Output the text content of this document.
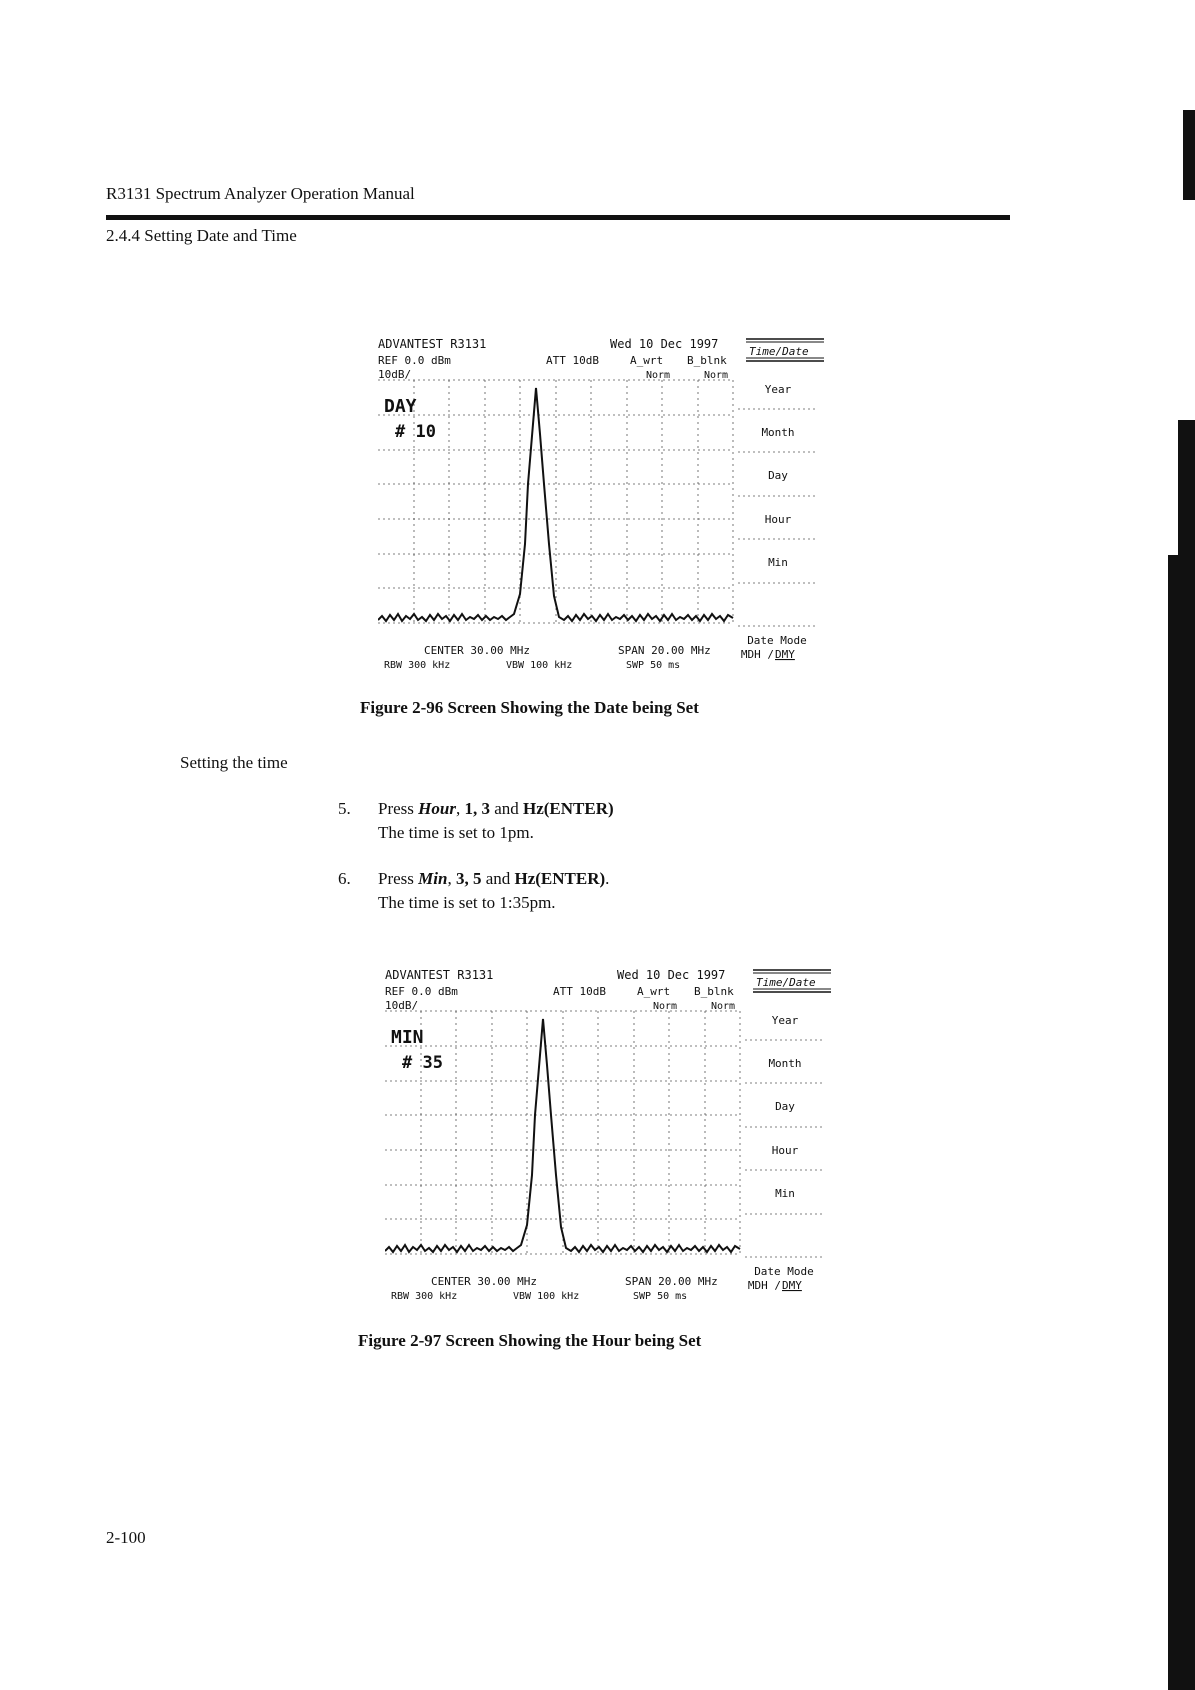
R3131 Spectrum Analyzer Operation Manual
2.4.4 Setting Date and Time
ADVANTEST R3131	Wed 10 Dec 1997
Time/Date
REF 0.0 dBm	ATT 10dB	A_wrt B_blnk
10dB/	Norm	Norm
DAY
# 10
Year
Month
Day
Hour
Min
Date Mode
MDH / DMY
CENTER 30.00 MHz	SPAN 20.00 MHz
RBW 300 kHz	VBW 100 kHz	SWP 50 ms
Figure 2-96 Screen Showing the Date being Set
Setting the time
5. Press Hour, 1, 3 and Hz(ENTER)
The time is set to 1pm.
6. Press Min, 3, 5 and Hz(ENTER).
The time is set to 1:35pm.
ADVANTEST R3131	Wed 10 Dec 1997
Time/Date
REF 0.0 dBm	ATT 10dB	A_wrt B_blnk
10dB/	Norm	Norm
MIN
# 35
Year
Month
Day
Hour
Min
Date Mode
MDH / DMY
CENTER 30.00 MHz	SPAN 20.00 MHz
RBW 300 kHz	VBW 100 kHz	SWP 50 ms
Figure 2-97 Screen Showing the Hour being Set
2-100
